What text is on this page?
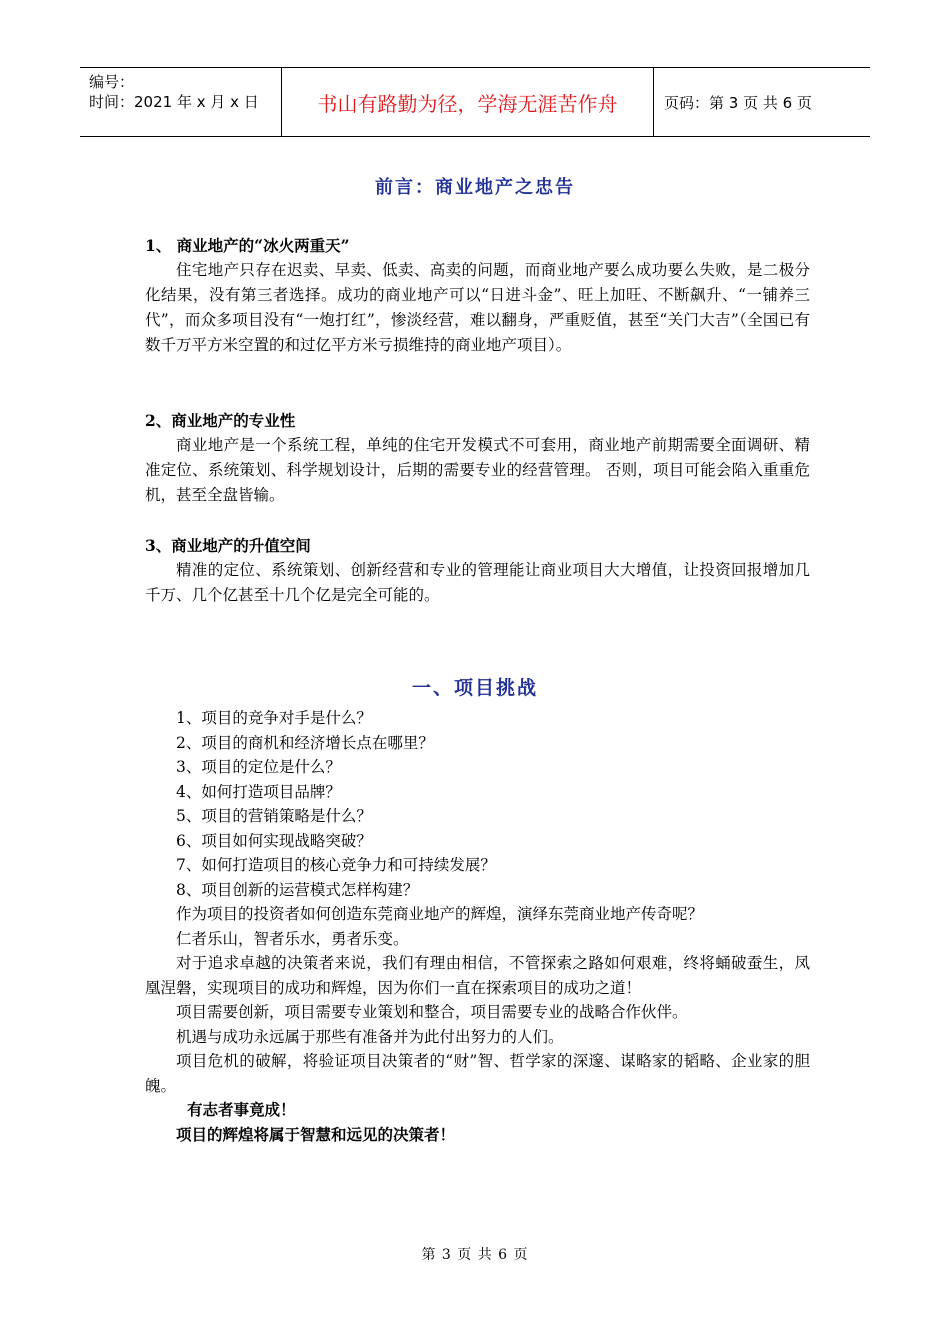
编号：
时间：2021 年 x 月 x 日	书山有路勤为径，学海无涯苦作舟	页码：第 3 页 共 6 页
前言：商业地产之忠告
1、 商业地产的“冰火两重天”
住宅地产只存在迟卖、早卖、低卖、高卖的问题，而商业地产要么成功要么失败，是二极分化结果，没有第三者选择。成功的商业地产可以“日进斗金”、旺上加旺、不断飙升、“一铺养三代”，而众多项目没有“一炮打红”，惨淡经营，难以翻身，严重贬值，甚至“关门大吉”（全国已有数千万平方米空置的和过亿平方米亏损维持的商业地产项目）。
2、商业地产的专业性
商业地产是一个系统工程，单纯的住宅开发模式不可套用，商业地产前期需要全面调研、精准定位、系统策划、科学规划设计，后期的需要专业的经营管理。 否则，项目可能会陷入重重危机，甚至全盘皆输。
3、商业地产的升值空间
精准的定位、系统策划、创新经营和专业的管理能让商业项目大大增值，让投资回报增加几千万、几个亿甚至十几个亿是完全可能的。
一、项目挑战
1、项目的竞争对手是什么？
2、项目的商机和经济增长点在哪里？
3、项目的定位是什么？
4、如何打造项目品牌？
5、项目的营销策略是什么？
6、项目如何实现战略突破？
7、如何打造项目的核心竞争力和可持续发展？
8、项目创新的运营模式怎样构建？
作为项目的投资者如何创造东莞商业地产的辉煌，演绎东莞商业地产传奇呢？
仁者乐山，智者乐水，勇者乐变。
对于追求卓越的决策者来说，我们有理由相信，不管探索之路如何艰难，终将蛹破蚕生，凤凰涅磐，实现项目的成功和辉煌，因为你们一直在探索项目的成功之道！
项目需要创新，项目需要专业策划和整合，项目需要专业的战略合作伙伴。
机遇与成功永远属于那些有准备并为此付出努力的人们。
项目危机的破解，将验证项目决策者的“财”智、哲学家的深邃、谋略家的韬略、企业家的胆魄。
有志者事竟成！
项目的辉煌将属于智慧和远见的决策者！
第 3 页 共 6 页
